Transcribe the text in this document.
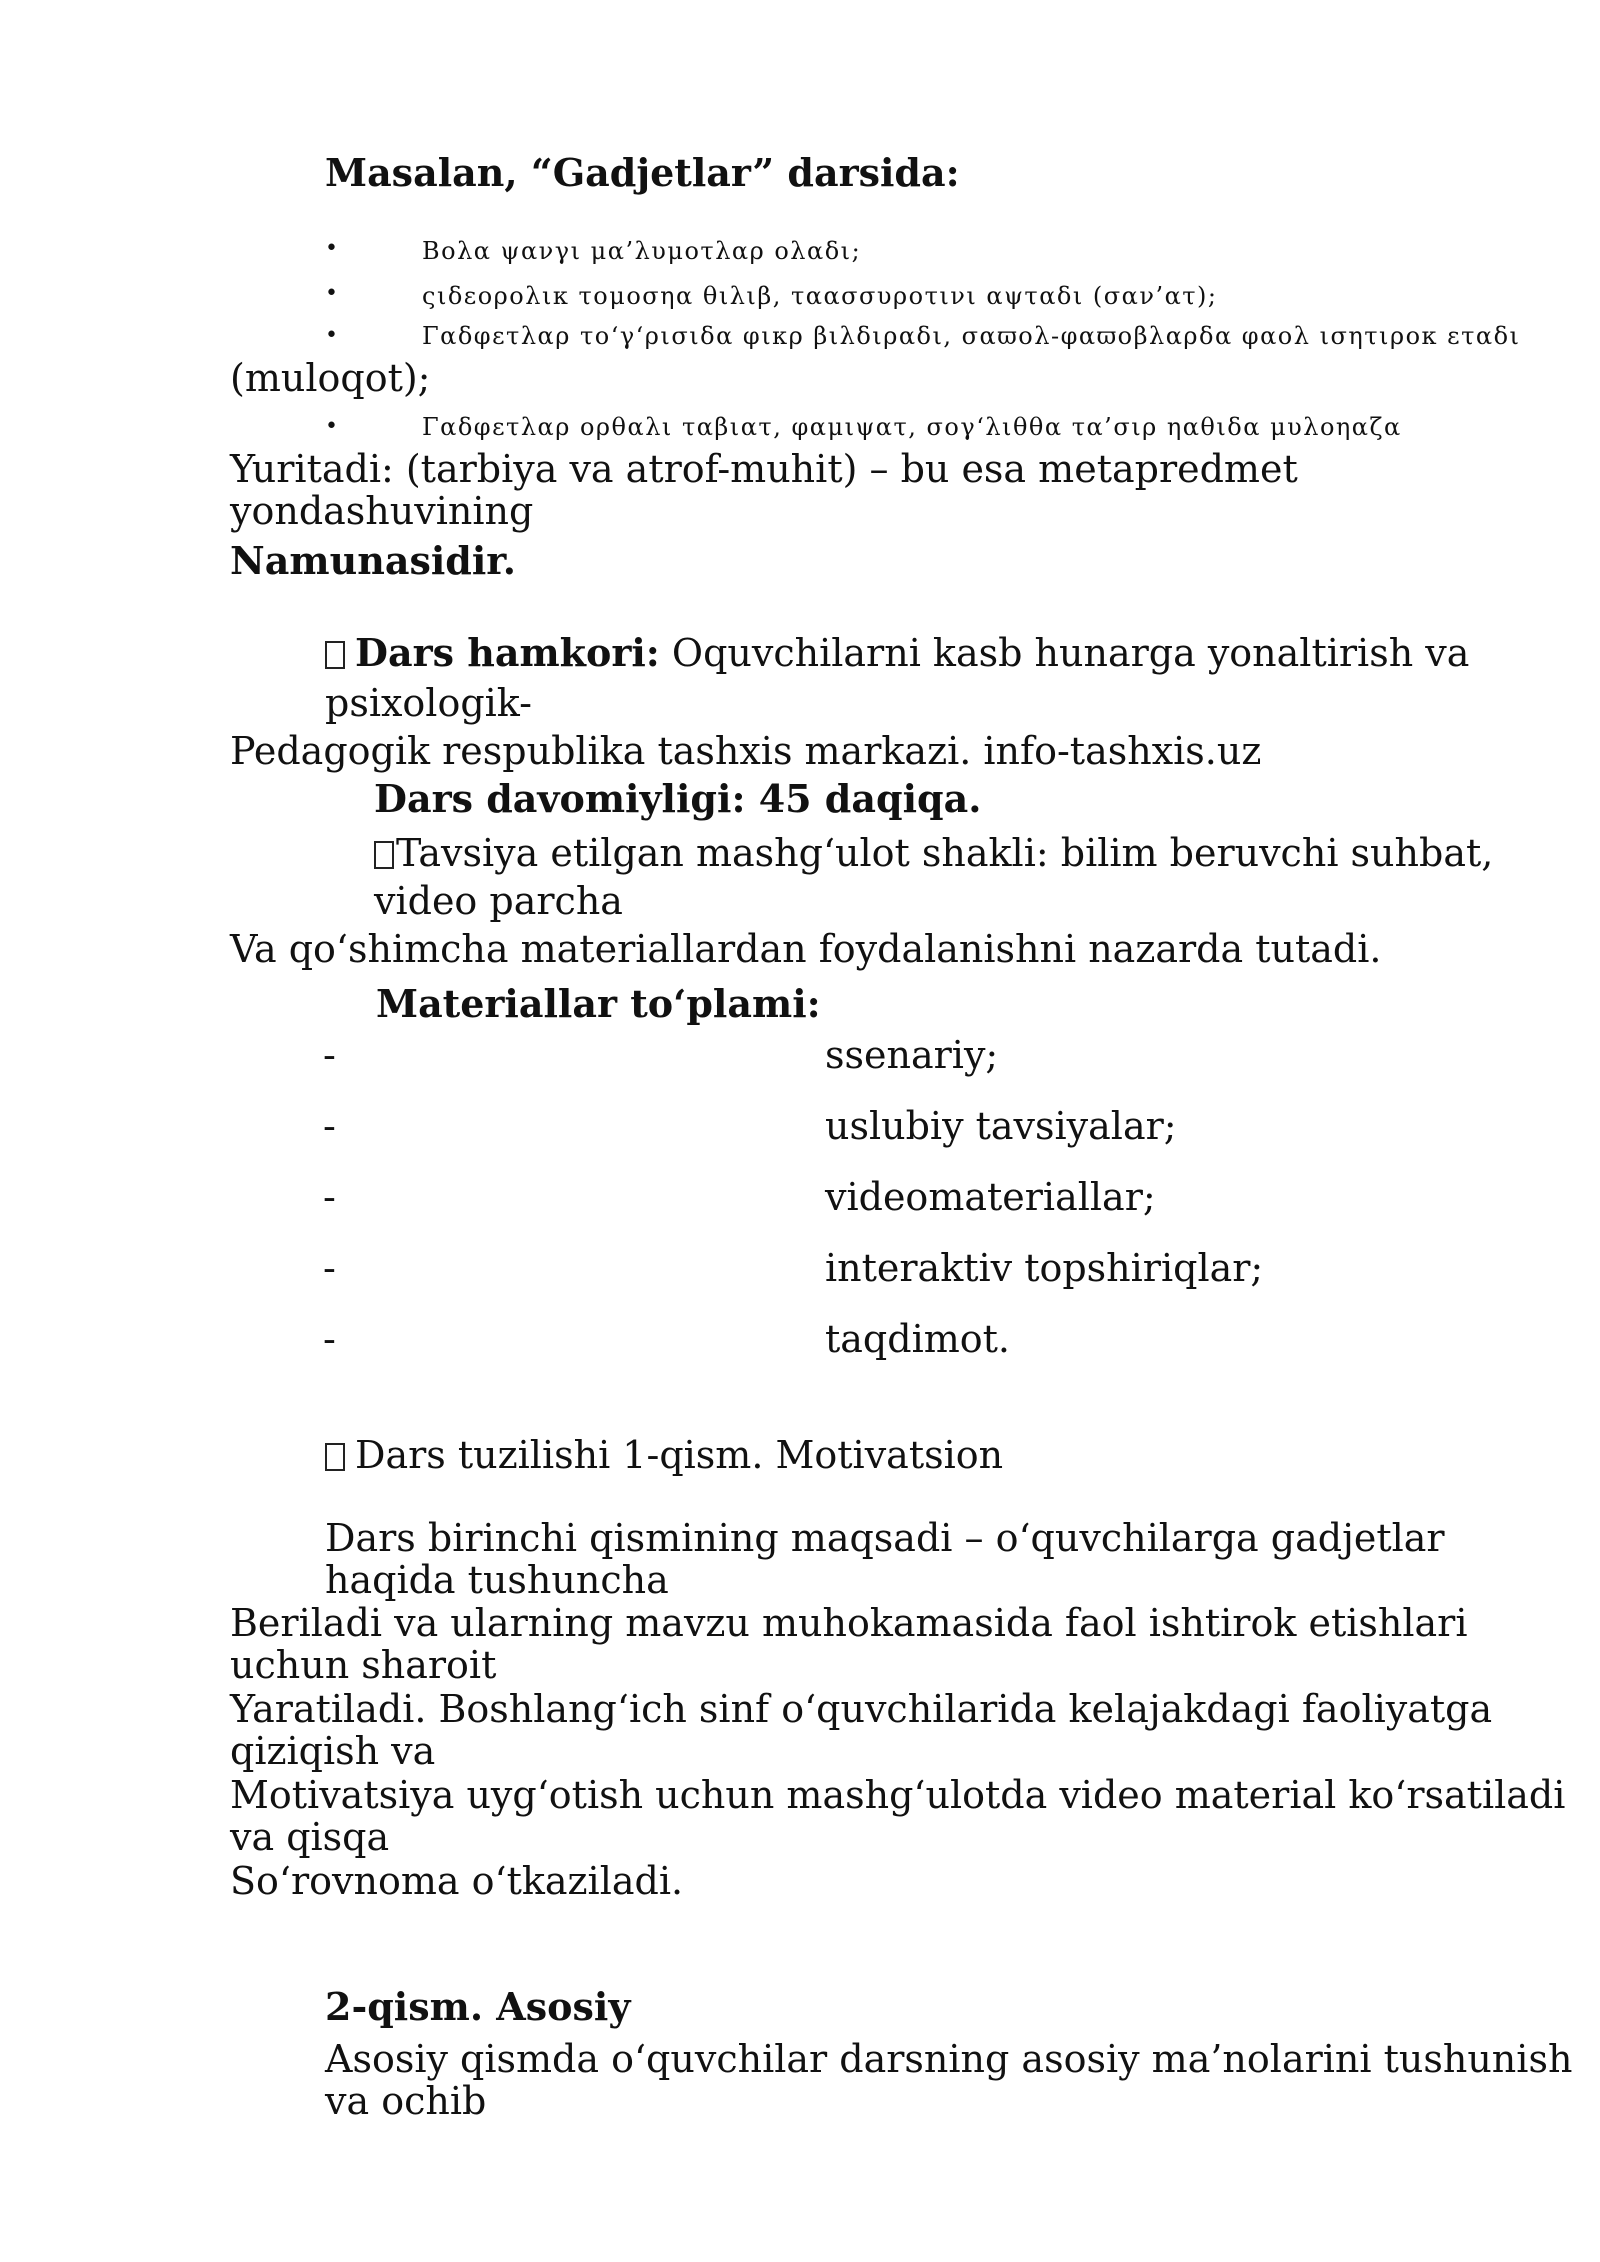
Masalan, “Gadjetlar” darsida:

•	Βολα ψανγι μα’λυμοτλαρ ολαδι;

•	ςιδεορολικ τομοσηα θιλιβ, ταασσυροτινι αψταδι (σαν’ατ);

•	Γαδφετλαρ το‘γ‘ρισιδα φικρ βιλδιραδι, σαϖολ-φαϖοβλαρδα φαολ ισητιροκ εταδι

(muloqot);

•	Γαδφετλαρ ορθαλι ταβιατ, φαμιψατ, σογ‘λιθθα τα’σιρ ηαθιδα μυλοηαζα

Yuritadi: (tarbiya va atrof-muhit) – bu esa metapredmet

yondashuvining

Namunasidir.

Dars hamkori: Oquvchilarni kasb hunarga yonaltirish va

psixologik-

Pedagogik respublika tashxis markazi. info-tashxis.uz

Dars davomiyligi: 45 daqiqa.

Tavsiya etilgan mashg‘ulot shakli: bilim beruvchi suhbat,

video parcha

Va qo‘shimcha materiallardan foydalanishni nazarda tutadi.

Materiallar to‘plami:

-	ssenariy;
-	uslubiy tavsiyalar;
-	videomateriallar;
-	interaktiv topshiriqlar;
-	taqdimot.

Dars tuzilishi 1-qism. Motivatsion

Dars birinchi qismining maqsadi – o‘quvchilarga gadjetlar

haqida tushuncha

Beriladi va ularning mavzu muhokamasida faol ishtirok etishlari

uchun sharoit

Yaratiladi. Boshlang‘ich sinf o‘quvchilarida kelajakdagi faoliyatga

qiziqish va

Motivatsiya uyg‘otish uchun mashg‘ulotda video material ko‘rsatiladi

va qisqa

So‘rovnoma o‘tkaziladi.

2-qism. Asosiy

Asosiy qismda o‘quvchilar darsning asosiy ma’nolarini tushunish

va ochib
